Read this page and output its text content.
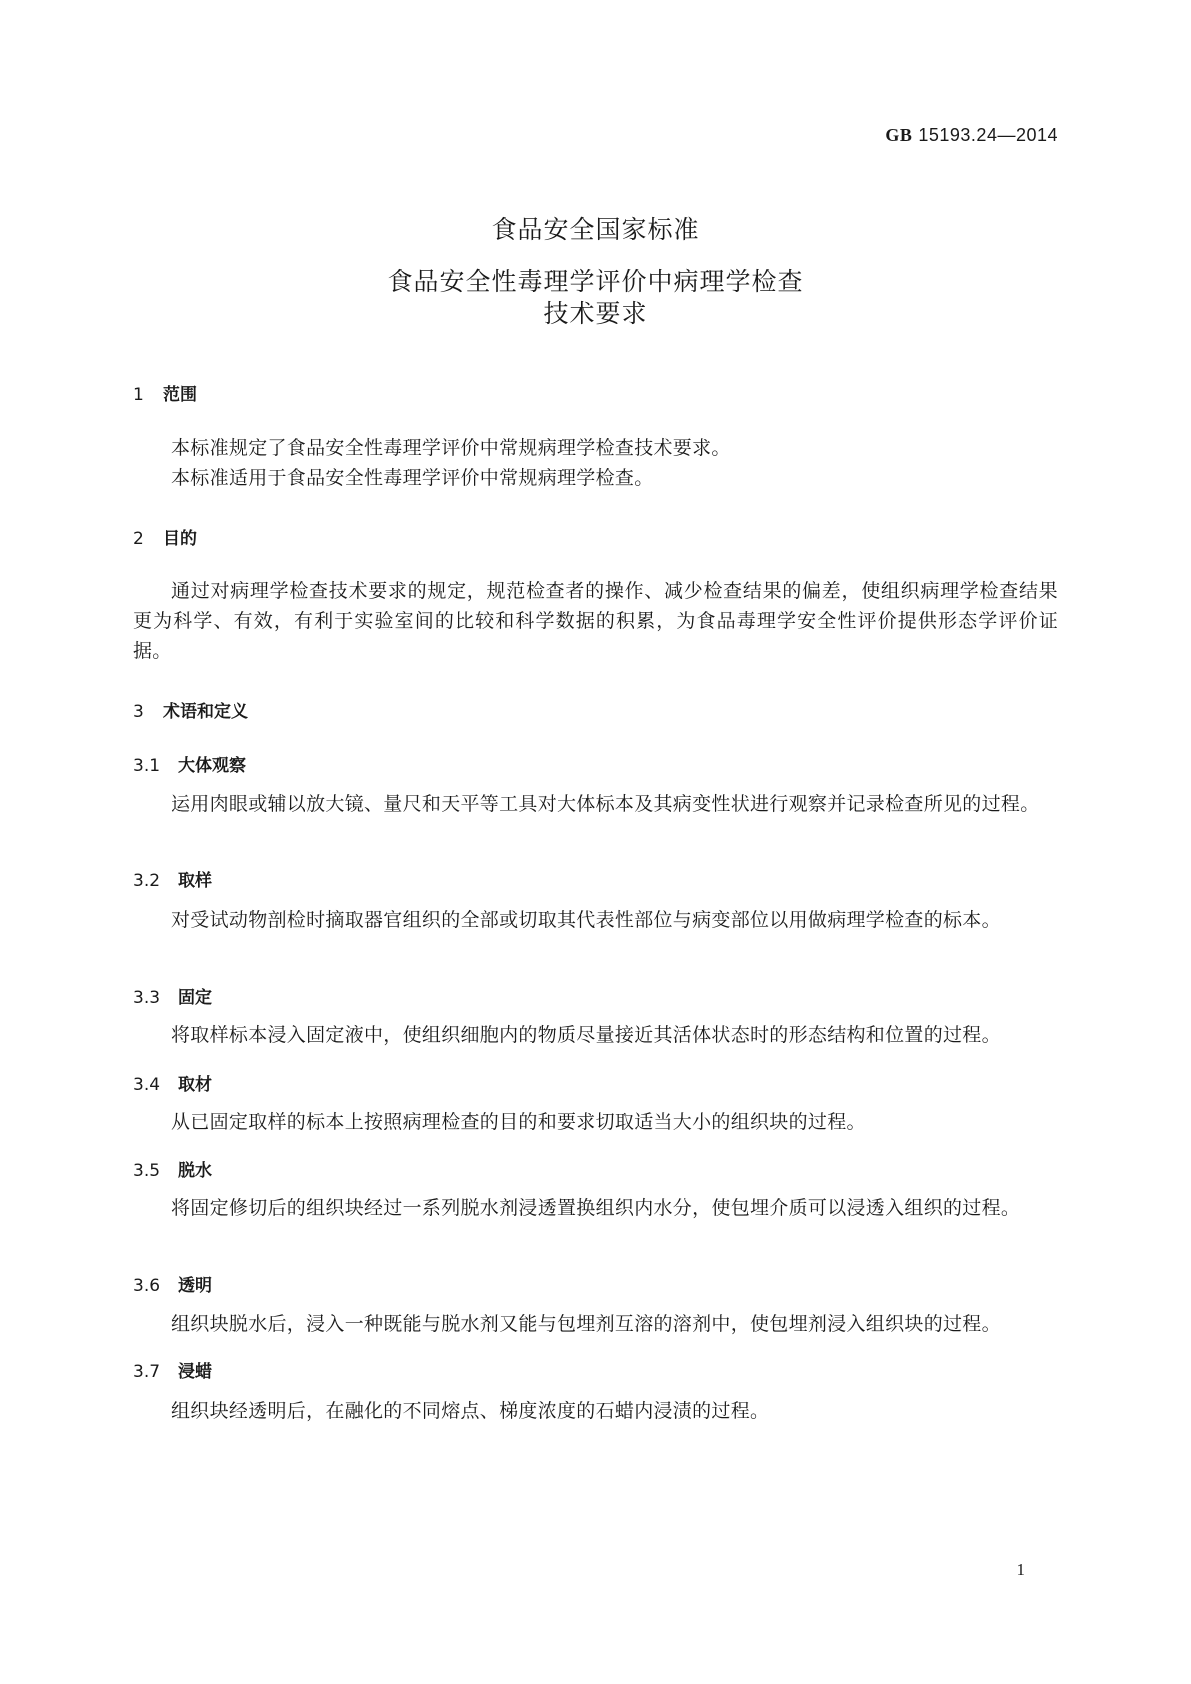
GB 15193.24—2014
食品安全国家标准
食品安全性毒理学评价中病理学检查
技术要求
1 范围
本标准规定了食品安全性毒理学评价中常规病理学检查技术要求。
本标准适用于食品安全性毒理学评价中常规病理学检查。
2 目的
通过对病理学检查技术要求的规定，规范检查者的操作、减少检查结果的偏差，使组织病理学检查结果更为科学、有效，有利于实验室间的比较和科学数据的积累，为食品毒理学安全性评价提供形态学评价证据。
3 术语和定义
3.1 大体观察
运用肉眼或辅以放大镜、量尺和天平等工具对大体标本及其病变性状进行观察并记录检查所见的过程。
3.2 取样
对受试动物剖检时摘取器官组织的全部或切取其代表性部位与病变部位以用做病理学检查的标本。
3.3 固定
将取样标本浸入固定液中，使组织细胞内的物质尽量接近其活体状态时的形态结构和位置的过程。
3.4 取材
从已固定取样的标本上按照病理检查的目的和要求切取适当大小的组织块的过程。
3.5 脱水
将固定修切后的组织块经过一系列脱水剂浸透置换组织内水分，使包埋介质可以浸透入组织的过程。
3.6 透明
组织块脱水后，浸入一种既能与脱水剂又能与包埋剂互溶的溶剂中，使包埋剂浸入组织块的过程。
3.7 浸蜡
组织块经透明后，在融化的不同熔点、梯度浓度的石蜡内浸渍的过程。
1
